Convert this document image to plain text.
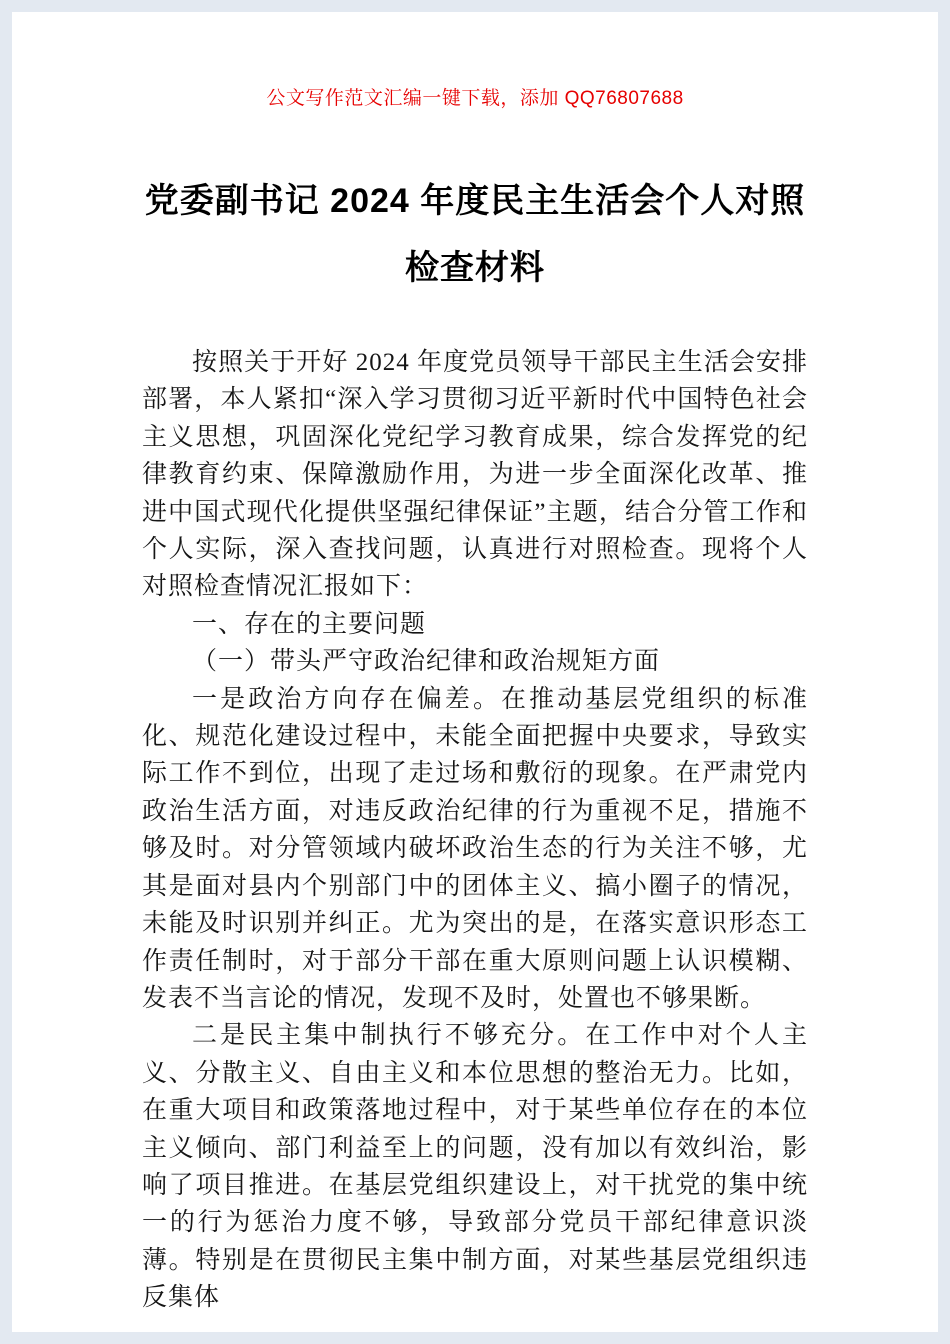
公文写作范文汇编一键下载，添加 QQ76807688
党委副书记 2024 年度民主生活会个人对照
检查材料

按照关于开好 2024 年度党员领导干部民主生活会安排部署，本人紧扣“深入学习贯彻习近平新时代中国特色社会主义思想，巩固深化党纪学习教育成果，综合发挥党的纪律教育约束、保障激励作用，为进一步全面深化改革、推进中国式现代化提供坚强纪律保证”主题，结合分管工作和个人实际，深入查找问题，认真进行对照检查。现将个人对照检查情况汇报如下：

一、存在的主要问题

（一）带头严守政治纪律和政治规矩方面

一是政治方向存在偏差。在推动基层党组织的标准化、规范化建设过程中，未能全面把握中央要求，导致实际工作不到位，出现了走过场和敷衍的现象。在严肃党内政治生活方面，对违反政治纪律的行为重视不足，措施不够及时。对分管领域内破坏政治生态的行为关注不够，尤其是面对县内个别部门中的团体主义、搞小圈子的情况，未能及时识别并纠正。尤为突出的是，在落实意识形态工作责任制时，对于部分干部在重大原则问题上认识模糊、发表不当言论的情况，发现不及时，处置也不够果断。

二是民主集中制执行不够充分。在工作中对个人主义、分散主义、自由主义和本位思想的整治无力。比如，在重大项目和政策落地过程中，对于某些单位存在的本位主义倾向、部门利益至上的问题，没有加以有效纠治，影响了项目推进。在基层党组织建设上，对干扰党的集中统一的行为惩治力度不够，导致部分党员干部纪律意识淡薄。特别是在贯彻民主集中制方面，对某些基层党组织违反集体
